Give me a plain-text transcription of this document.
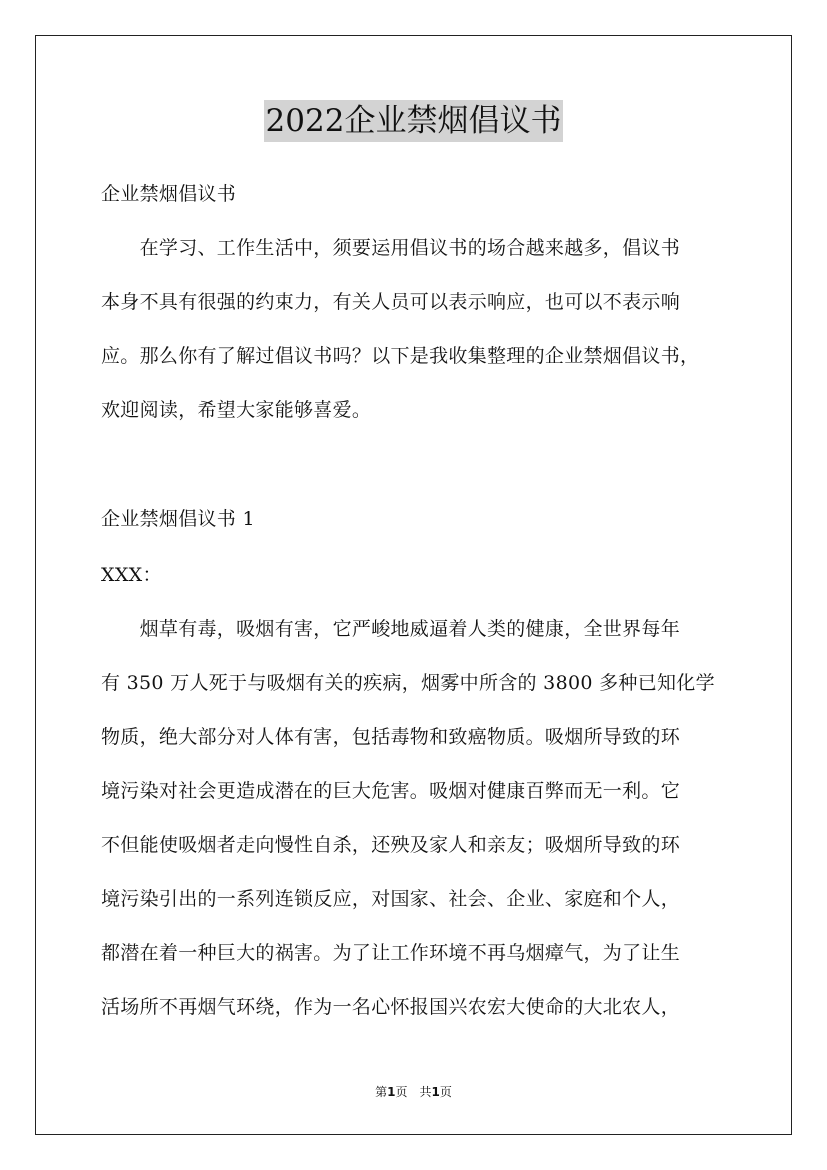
2022企业禁烟倡议书
企业禁烟倡议书
　　在学习、工作生活中，须要运用倡议书的场合越来越多，倡议书
本身不具有很强的约束力，有关人员可以表示响应，也可以不表示响
应。那么你有了解过倡议书吗？以下是我收集整理的企业禁烟倡议书，
欢迎阅读，希望大家能够喜爱。
企业禁烟倡议书 1
XXX：
　　烟草有毒，吸烟有害，它严峻地威逼着人类的健康，全世界每年
有 350 万人死于与吸烟有关的疾病，烟雾中所含的 3800 多种已知化学
物质，绝大部分对人体有害，包括毒物和致癌物质。吸烟所导致的环
境污染对社会更造成潜在的巨大危害。吸烟对健康百弊而无一利。它
不但能使吸烟者走向慢性自杀，还殃及家人和亲友；吸烟所导致的环
境污染引出的一系列连锁反应，对国家、社会、企业、家庭和个人，
都潜在着一种巨大的祸害。为了让工作环境不再乌烟瘴气，为了让生
活场所不再烟气环绕，作为一名心怀报国兴农宏大使命的大北农人，
第1页　共1页
